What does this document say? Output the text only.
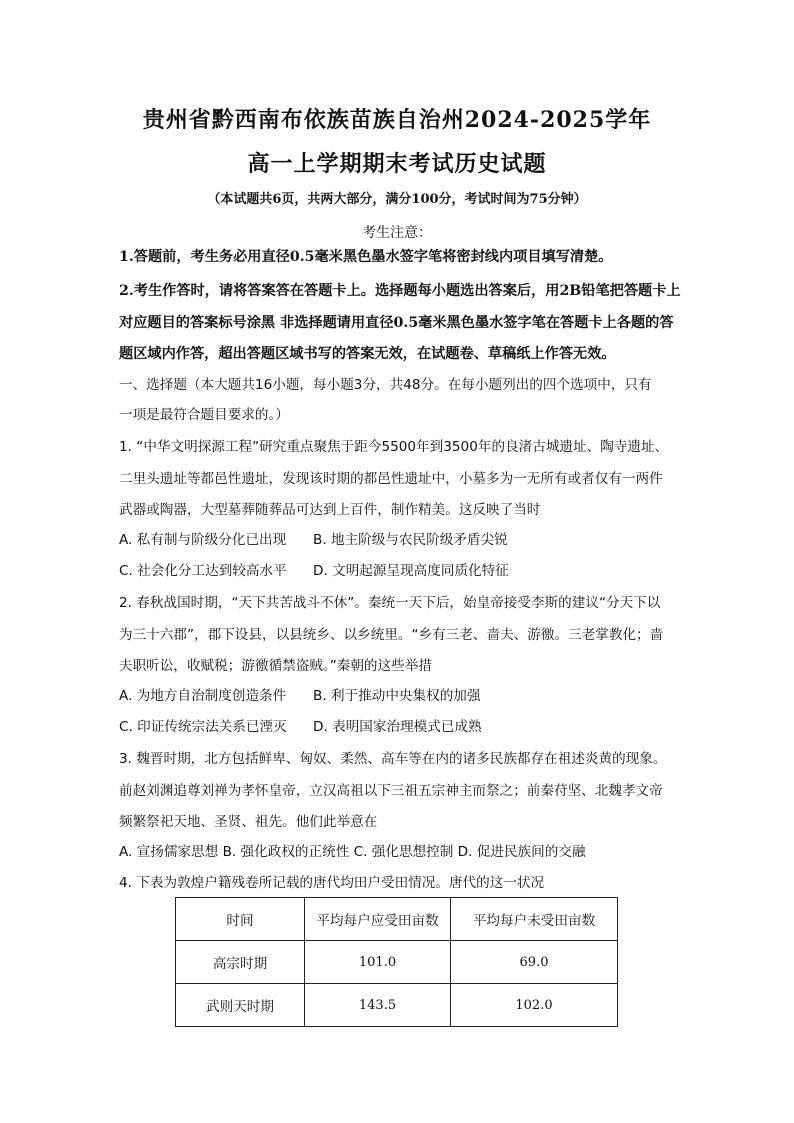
贵州省黔西南布依族苗族自治州2024-2025学年
高一上学期期末考试历史试题
（本试题共6页，共两大部分，满分100分，考试时间为75分钟）
考生注意：
1.答题前，考生务必用直径0.5毫米黑色墨水签字笔将密封线内项目填写清楚。
2.考生作答时，请将答案答在答题卡上。选择题每小题选出答案后，用2B铅笔把答题卡上
对应题目的答案标号涂黑 非选择题请用直径0.5毫米黑色墨水签字笔在答题卡上各题的答
题区域内作答，超出答题区域书写的答案无效，在试题卷、草稿纸上作答无效。
一、选择题（本大题共16小题，每小题3分，共48分。在每小题列出的四个选项中，只有
一项是最符合题目要求的。）
1. “中华文明探源工程”研究重点聚焦于距今5500年到3500年的良渚古城遗址、陶寺遗址、
二里头遗址等都邑性遗址，发现该时期的都邑性遗址中，小墓多为一无所有或者仅有一两件
武器或陶器，大型墓葬随葬品可达到上百件，制作精美。这反映了当时
A. 私有制与阶级分化已出现 B. 地主阶级与农民阶级矛盾尖锐
C. 社会化分工达到较高水平 D. 文明起源呈现高度同质化特征
2. 春秋战国时期，“天下共苦战斗不休”。秦统一天下后，始皇帝接受李斯的建议“分天下以
为三十六郡”，郡下设县，以县统乡、以乡统里。“乡有三老、啬夫、游徼。三老掌教化；啬
夫职听讼，收赋税；游徼循禁盗贼。”秦朝的这些举措
A. 为地方自治制度创造条件 B. 利于推动中央集权的加强
C. 印证传统宗法关系已湮灭 D. 表明国家治理模式已成熟
3. 魏晋时期，北方包括鲜卑、匈奴、柔然、高车等在内的诸多民族都存在祖述炎黄的现象。
前赵刘渊追尊刘禅为孝怀皇帝，立汉高祖以下三祖五宗神主而祭之；前秦苻坚、北魏孝文帝
频繁祭祀天地、圣贤、祖先。他们此举意在
A. 宣扬儒家思想 B. 强化政权的正统性 C. 强化思想控制 D. 促进民族间的交融
4. 下表为敦煌户籍残卷所记载的唐代均田户受田情况。唐代的这一状况
时间	平均每户应受田亩数	平均每户未受田亩数
高宗时期	101.0	69.0
武则天时期	143.5	102.0
